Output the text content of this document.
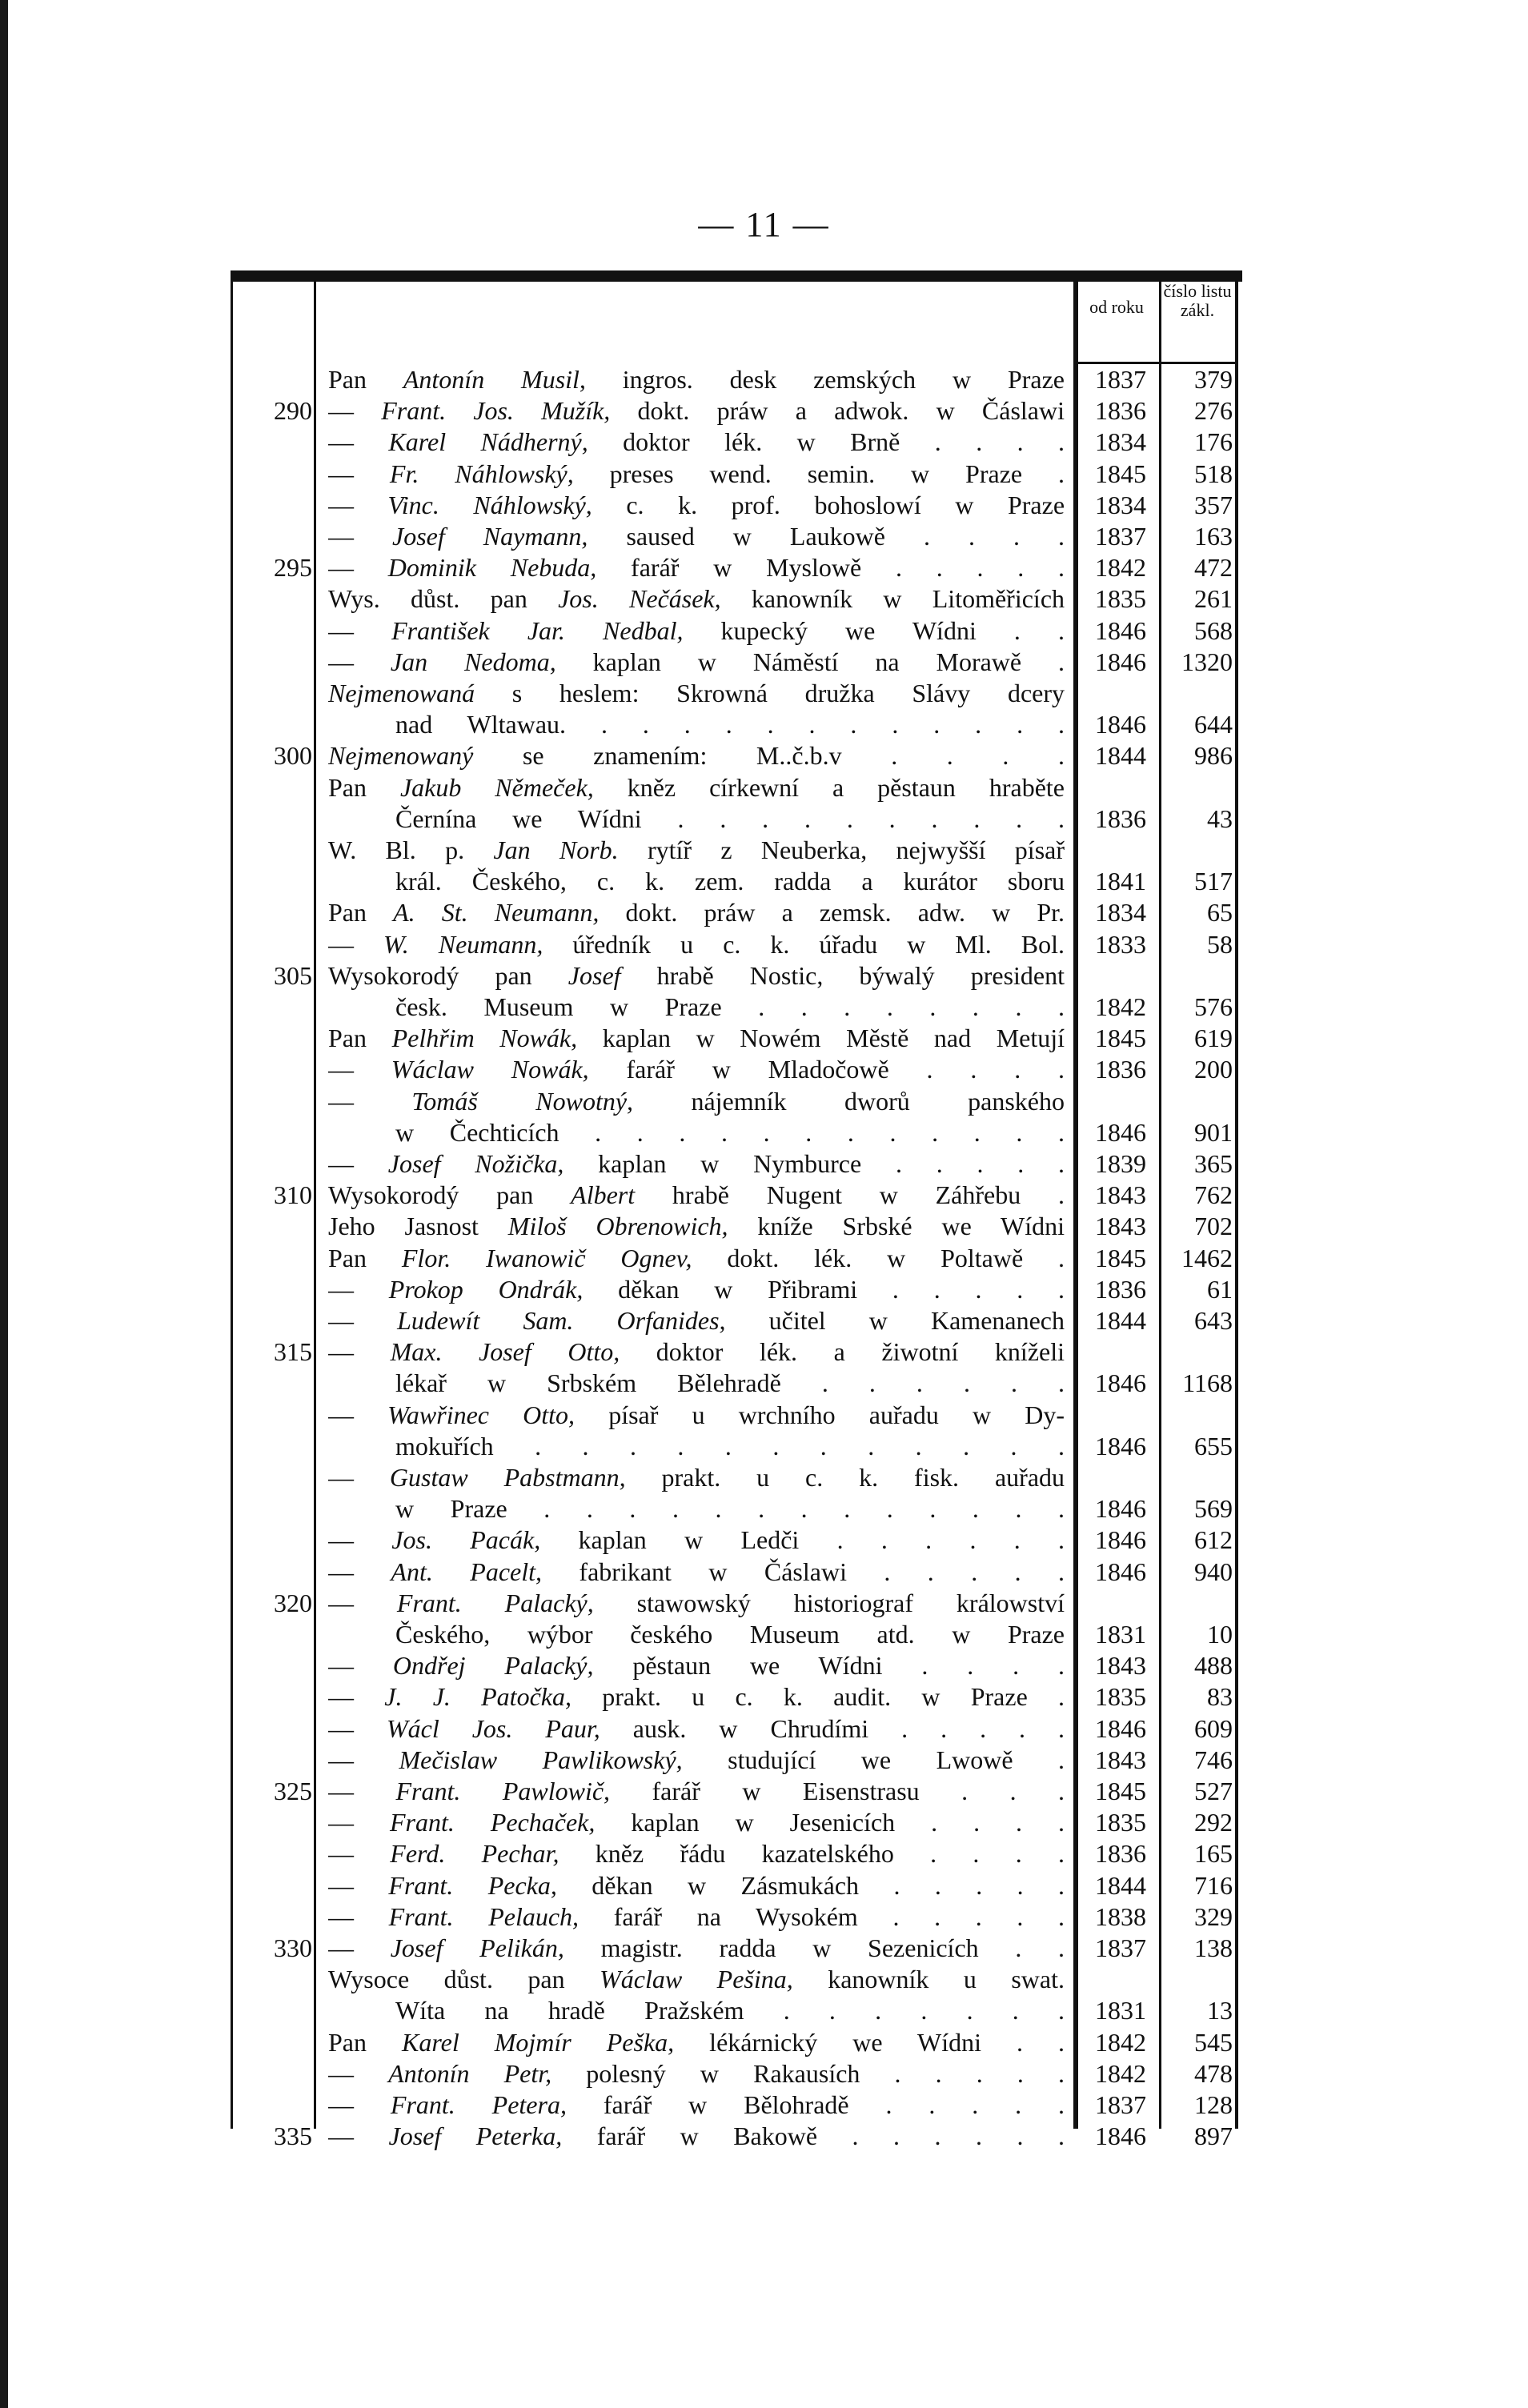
— 11 —
od roku
číslo listu zákl.
Pan Antonín Musil, ingros. desk zemských w Praze	1837	379
290 — Frant. Jos. Mužík, dokt. práw a adwok. w Čáslawi	1836	276
— Karel Nádherný, doktor lék. w Brně . . . .	1834	176
— Fr. Náhlowský, preses wend. semin. w Praze .	1845	518
— Vinc. Náhlowský, c. k. prof. bohoslowí w Praze	1834	357
— Josef Naymann, saused w Laukowě . . . .	1837	163
295 — Dominik Nebuda, farář w Myslowě . . . . .	1842	472
Wys. důst. pan Jos. Nečásek, kanowník w Litoměřicích	1835	261
— František Jar. Nedbal, kupecký we Wídni . .	1846	568
— Jan Nedoma, kaplan w Náměstí na Morawě .	1846	1320
Nejmenowaná s heslem: Skrowná družka Slávy dcery
nad Wltawau. . . . . . . . . . . . .	1846	644
300 Nejmenowaný se znamením: M..č.b.v . . . .	1844	986
Pan Jakub Němeček, kněz církewní a pěstaun hraběte
Černína we Wídni . . . . . . . . . .	1836	43
W. Bl. p. Jan Norb. rytíř z Neuberka, nejwyšší písař
král. Českého, c. k. zem. radda a kurátor sboru	1841	517
Pan A. St. Neumann, dokt. práw a zemsk. adw. w Pr.	1834	65
— W. Neumann, úředník u c. k. úřadu w Ml. Bol.	1833	58
305 Wysokorodý pan Josef hrabě Nostic, býwalý president
česk. Museum w Praze . . . . . . . .	1842	576
Pan Pelhřim Nowák, kaplan w Nowém Městě nad Metují	1845	619
— Wáclaw Nowák, farář w Mladočowě . . . .	1836	200
— Tomáš Nowotný, nájemník dworů panského
w Čechticích . . . . . . . . . . . .	1846	901
— Josef Nožička, kaplan w Nymburce . . . . .	1839	365
310 Wysokorodý pan Albert hrabě Nugent w Záhřebu .	1843	762
Jeho Jasnost Miloš Obrenowich, kníže Srbské we Wídni	1843	702
Pan Flor. Iwanowič Ognev, dokt. lék. w Poltawě .	1845	1462
— Prokop Ondrák, děkan w Přibrami . . . . .	1836	61
— Ludewít Sam. Orfanides, učitel w Kamenanech	1844	643
315 — Max. Josef Otto, doktor lék. a žiwotní kníželi
lékař w Srbském Bělehradě . . . . . .	1846	1168
— Wawřinec Otto, písař u wrchního auřadu w Dy-
mokuřích . . . . . . . . . . . .	1846	655
— Gustaw Pabstmann, prakt. u c. k. fisk. auřadu
w Praze . . . . . . . . . . . . .	1846	569
— Jos. Pacák, kaplan w Ledči . . . . . .	1846	612
— Ant. Pacelt, fabrikant w Čáslawi . . . . .	1846	940
320 — Frant. Palacký, stawowský historiograf králowství
Českého, wýbor českého Museum atd. w Praze	1831	10
— Ondřej Palacký, pěstaun we Wídni . . . .	1843	488
— J. J. Patočka, prakt. u c. k. audit. w Praze .	1835	83
— Wácl Jos. Paur, ausk. w Chrudími . . . . .	1846	609
— Mečislaw Pawlikowský, studující we Lwowě .	1843	746
325 — Frant. Pawlowič, farář w Eisenstrasu . . .	1845	527
— Frant. Pechaček, kaplan w Jesenicích . . . .	1835	292
— Ferd. Pechar, kněz řádu kazatelského . . . .	1836	165
— Frant. Pecka, děkan w Zásmukách . . . . .	1844	716
— Frant. Pelauch, farář na Wysokém . . . . .	1838	329
330 — Josef Pelikán, magistr. radda w Sezenicích . .	1837	138
Wysoce důst. pan Wáclaw Pešina, kanowník u swat.
Wíta na hradě Pražském . . . . . . .	1831	13
Pan Karel Mojmír Peška, lékárnický we Wídni . .	1842	545
— Antonín Petr, polesný w Rakausích . . . . .	1842	478
— Frant. Petera, farář w Bělohradě . . . . .	1837	128
335 — Josef Peterka, farář w Bakowě . . . . . .	1846	897
